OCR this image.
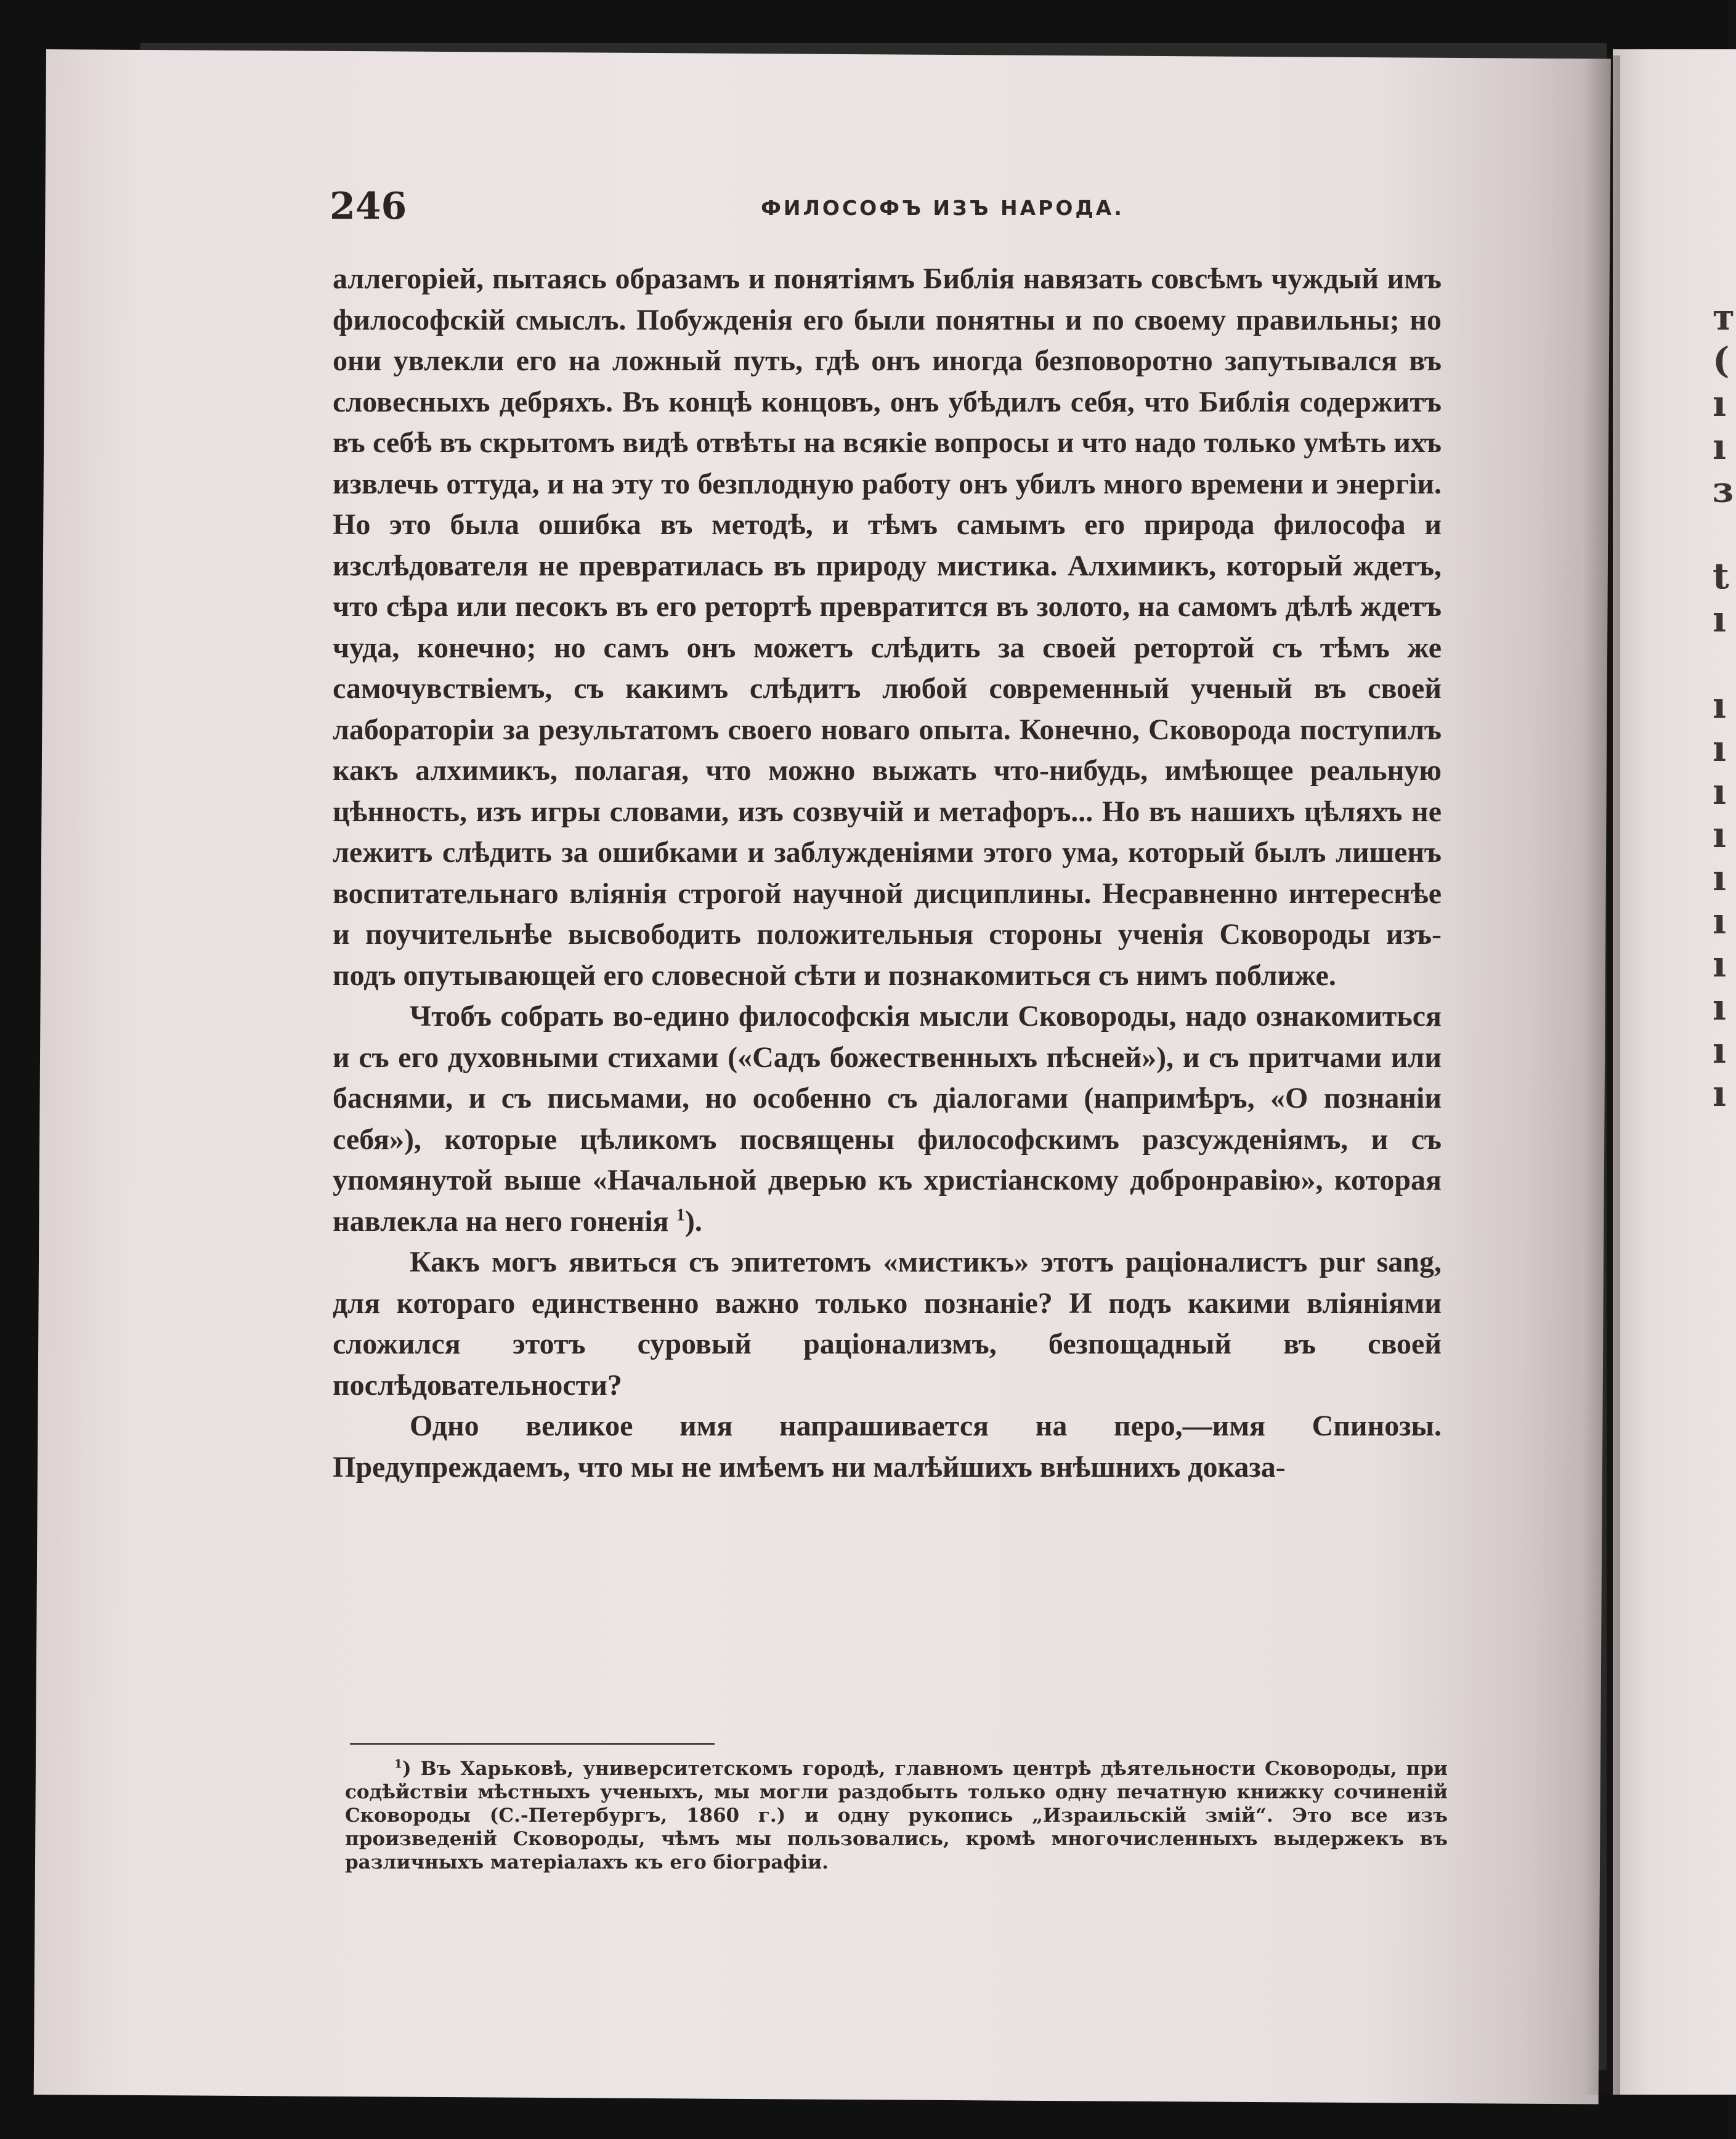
т
(
ı
ı
ɜ

t
ı

ı
ı
ı
ı
ı
ı
ı
ı
ı
ı
246	ФИЛОСОФЪ ИЗЪ НАРОДА.

аллегоріей, пытаясь образамъ и понятіямъ Библія навязать совсѣмъ чуждый имъ философскій смыслъ. Побужденія его были понятны и по своему правильны; но они увлекли его на ложный путь, гдѣ онъ иногда безповоротно запутывался въ словесныхъ дебряхъ. Въ концѣ концовъ, онъ убѣдилъ себя, что Библія содержитъ въ себѣ въ скрытомъ видѣ отвѣты на всякіе вопросы и что надо только умѣть ихъ извлечь оттуда, и на эту то безплодную работу онъ убилъ много времени и энергіи. Но это была ошибка въ методѣ, и тѣмъ самымъ его природа философа и изслѣдователя не превратилась въ природу мистика. Алхимикъ, который ждетъ, что сѣра или песокъ въ его ретортѣ превратится въ золото, на самомъ дѣлѣ ждетъ чуда, конечно; но самъ онъ можетъ слѣдить за своей ретортой съ тѣмъ же самочувствіемъ, съ какимъ слѣдитъ любой современный ученый въ своей лабораторіи за результатомъ своего новаго опыта. Конечно, Сковорода поступилъ какъ алхимикъ, полагая, что можно выжать что-нибудь, имѣющее реальную цѣнность, изъ игры словами, изъ созвучій и метафоръ... Но въ нашихъ цѣляхъ не лежитъ слѣдить за ошибками и заблужденіями этого ума, который былъ лишенъ воспитательнаго вліянія строгой научной дисциплины. Несравненно интереснѣе и поучительнѣе высвободить положительныя стороны ученія Сковороды изъ-подъ опутывающей его словесной сѣти и познакомиться съ нимъ поближе.

Чтобъ собрать во-едино философскія мысли Сковороды, надо ознакомиться и съ его духовными стихами («Садъ божественныхъ пѣсней»), и съ притчами или баснями, и съ письмами, но особенно съ діалогами (напримѣръ, «О познаніи себя»), которые цѣликомъ посвящены философскимъ разсужденіямъ, и съ упомянутой выше «Начальной дверью къ христіанскому добронравію», которая навлекла на него гоненія $^1$).

Какъ могъ явиться съ эпитетомъ «мистикъ» этотъ раціоналистъ pur sang, для котораго единственно важно только познаніе? И подъ какими вліяніями сложился этотъ суровый раціонализмъ, безпощадный въ своей послѣдовательности?

Одно великое имя напрашивается на перо,—имя Спинозы. Предупреждаемъ, что мы не имѣемъ ни малѣйшихъ внѣшнихъ доказа-

$^1$) Въ Харьковѣ, университетскомъ городѣ, главномъ центрѣ дѣятельности Сковороды, при содѣйствіи мѣстныхъ ученыхъ, мы могли раздобыть только одну печатную книжку сочиненій Сковороды (С.-Петербургъ, 1860 г.) и одну рукопись „Израильскій змій“. Это все изъ произведеній Сковороды, чѣмъ мы пользовались, кромѣ многочисленныхъ выдержекъ въ различныхъ матеріалахъ къ его біографіи.
